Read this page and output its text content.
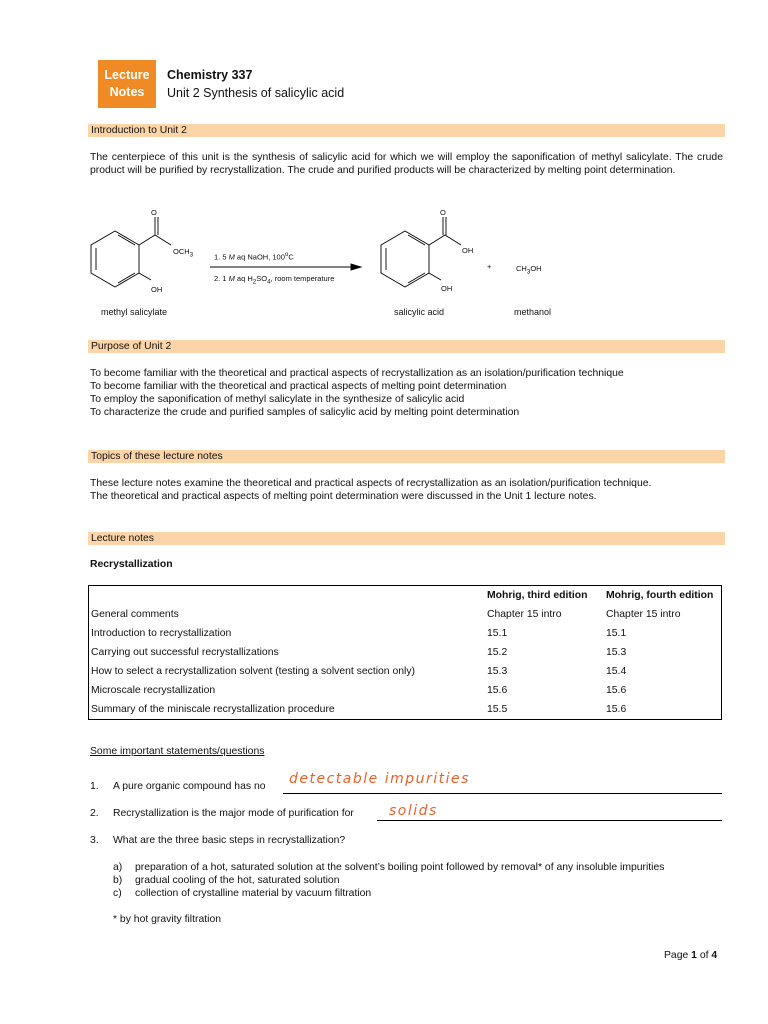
Lecture
Notes
Chemistry 337
Unit 2 Synthesis of salicylic acid
Introduction to Unit 2
The centerpiece of this unit is the synthesis of salicylic acid for which we will employ the saponification of methyl salicylate. The crude product will be purified by recrystallization. The crude and purified products will be characterized by melting point determination.
O
$OCH_3$
OH
1. 5 M aq NaOH, 100$^o$C
2. 1 M aq $H_2SO_4$, room temperature
O
OH
OH
+	$CH_3OH$
methyl salicylate	salicylic acid	methanol
Purpose of Unit 2
To become familiar with the theoretical and practical aspects of recrystallization as an isolation/purification technique
To become familiar with the theoretical and practical aspects of melting point determination
To employ the saponification of methyl salicylate in the synthesize of salicylic acid
To characterize the crude and purified samples of salicylic acid by melting point determination
Topics of these lecture notes
These lecture notes examine the theoretical and practical aspects of recrystallization as an isolation/purification technique.
The theoretical and practical aspects of melting point determination were discussed in the Unit 1 lecture notes.
Lecture notes
Recrystallization
	Mohrig, third edition	Mohrig, fourth edition
General comments	Chapter 15 intro	Chapter 15 intro
Introduction to recrystallization	15.1	15.1
Carrying out successful recrystallizations	15.2	15.3
How to select a recrystallization solvent (testing a solvent section only)	15.3	15.4
Microscale recrystallization	15.6	15.6
Summary of the miniscale recrystallization procedure	15.5	15.6
Some important statements/questions
1. A pure organic compound has no detectable impurities
2. Recrystallization is the major mode of purification for	solids
3. What are the three basic steps in recrystallization?
a) preparation of a hot, saturated solution at the solvent’s boiling point followed by removal* of any insoluble impurities
b) gradual cooling of the hot, saturated solution
c) collection of crystalline material by vacuum filtration
* by hot gravity filtration
Page 1 of 4
